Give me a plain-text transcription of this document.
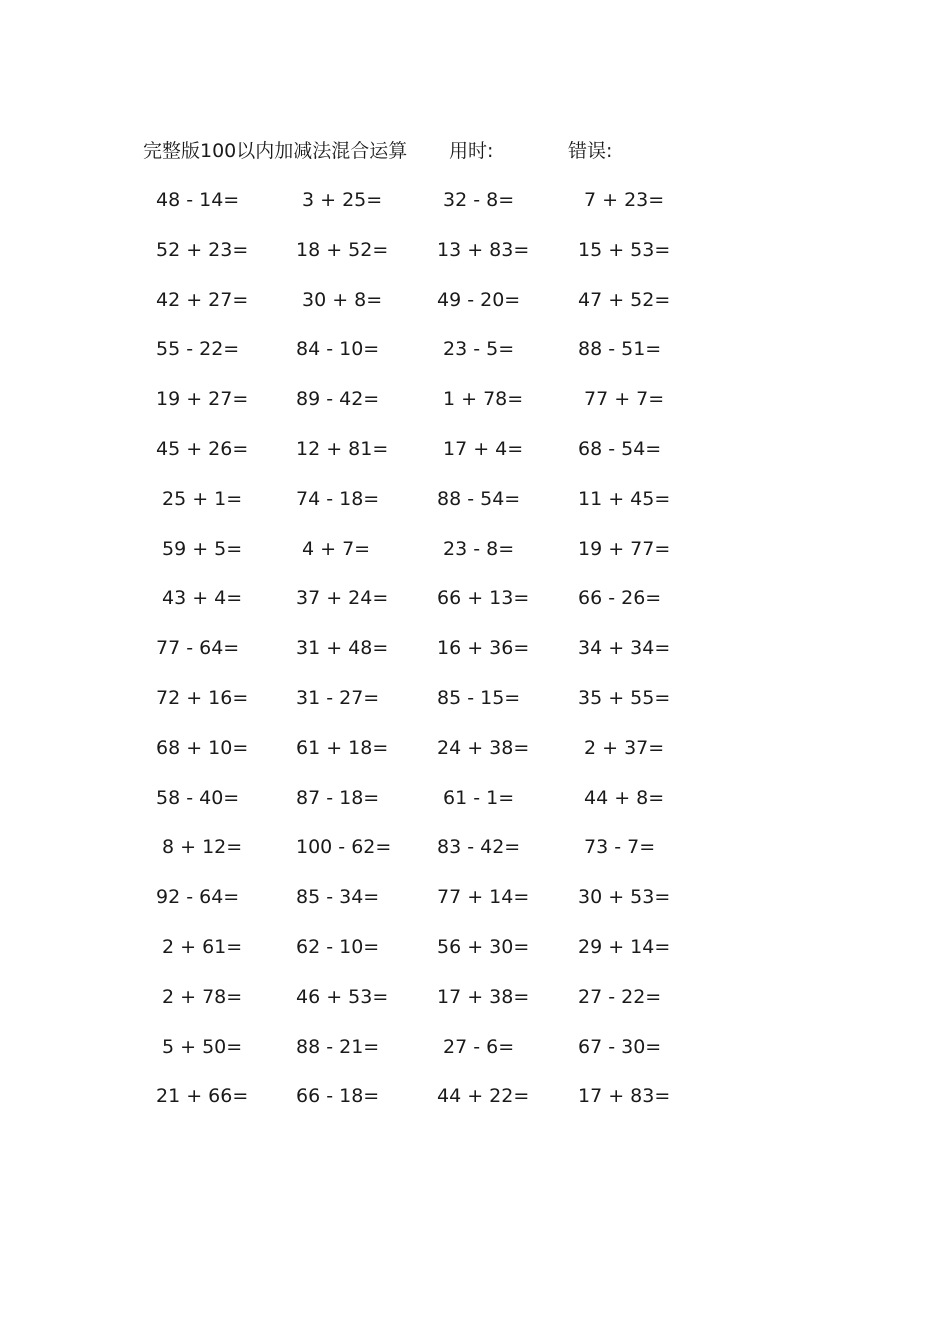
完整版100以内加减法混合运算 用时:	错误:
48 - 14=	3 + 25=	32 - 8=	7 + 23=
52 + 23=	18 + 52=	13 + 83=	15 + 53=
42 + 27=	30 + 8=	49 - 20=	47 + 52=
55 - 22=	84 - 10=	23 - 5=	88 - 51=
19 + 27=	89 - 42=	1 + 78=	77 + 7=
45 + 26=	12 + 81=	17 + 4=	68 - 54=
25 + 1=	74 - 18=	88 - 54=	11 + 45=
59 + 5=	4 + 7=	23 - 8=	19 + 77=
43 + 4=	37 + 24=	66 + 13=	66 - 26=
77 - 64=	31 + 48=	16 + 36=	34 + 34=
72 + 16=	31 - 27=	85 - 15=	35 + 55=
68 + 10=	61 + 18=	24 + 38=	2 + 37=
58 - 40=	87 - 18=	61 - 1=	44 + 8=
8 + 12=	100 - 62= 83 - 42=	73 - 7=
92 - 64=	85 - 34=	77 + 14=	30 + 53=
2 + 61=	62 - 10=	56 + 30=	29 + 14=
2 + 78=	46 + 53=	17 + 38=	27 - 22=
5 + 50=	88 - 21=	27 - 6=	67 - 30=
21 + 66=	66 - 18=	44 + 22=	17 + 83=
